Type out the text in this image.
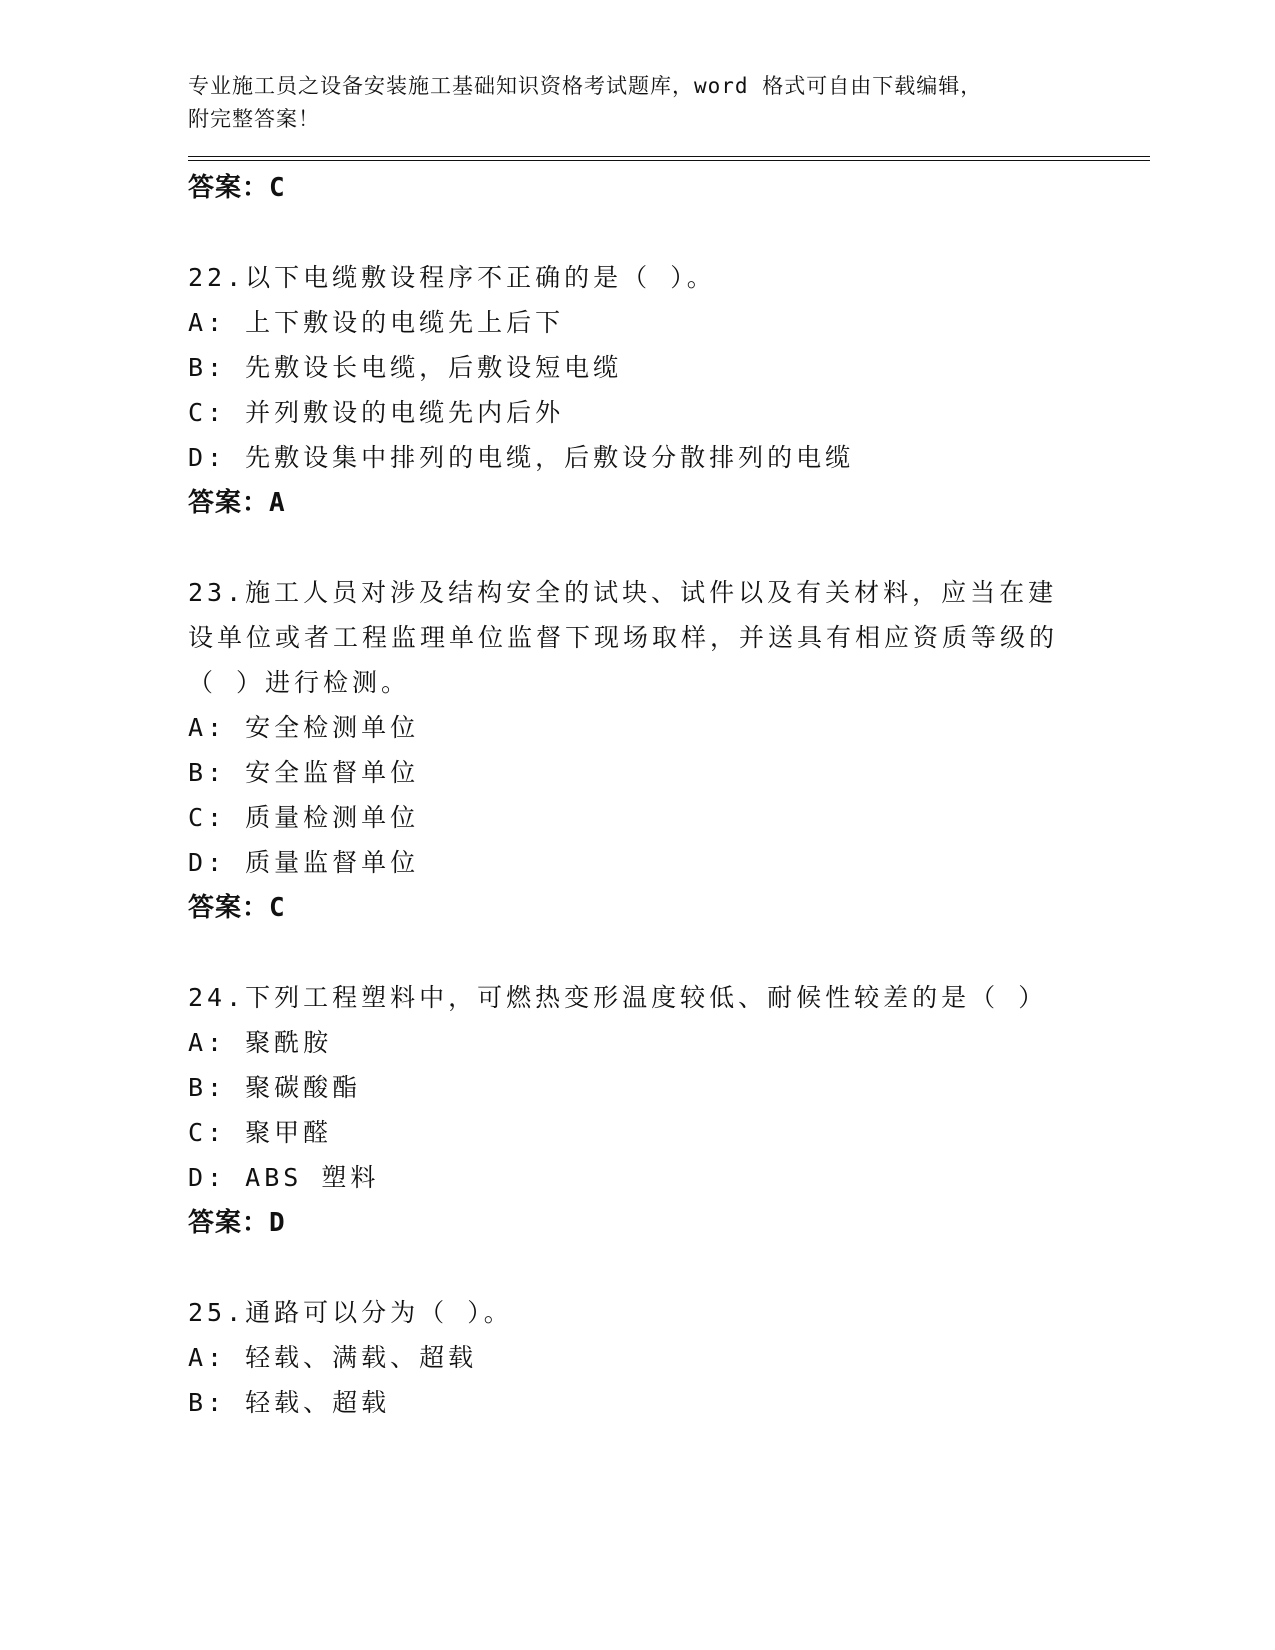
专业施工员之设备安装施工基础知识资格考试题库，word 格式可自由下载编辑，

附完整答案！

答案：C

22.以下电缆敷设程序不正确的是（ ）。

A: 上下敷设的电缆先上后下

B: 先敷设长电缆，后敷设短电缆

C: 并列敷设的电缆先内后外

D: 先敷设集中排列的电缆，后敷设分散排列的电缆

答案：A

23.施工人员对涉及结构安全的试块、试件以及有关材料，应当在建设单位或者工程监理单位监督下现场取样，并送具有相应资质等级的（ ）进行检测。

A: 安全检测单位

B: 安全监督单位

C: 质量检测单位

D: 质量监督单位

答案：C

24.下列工程塑料中，可燃热变形温度较低、耐候性较差的是（ ）

A: 聚酰胺

B: 聚碳酸酯

C: 聚甲醛

D: ABS 塑料

答案：D

25.通路可以分为（ ）。

A: 轻载、满载、超载

B: 轻载、超载
